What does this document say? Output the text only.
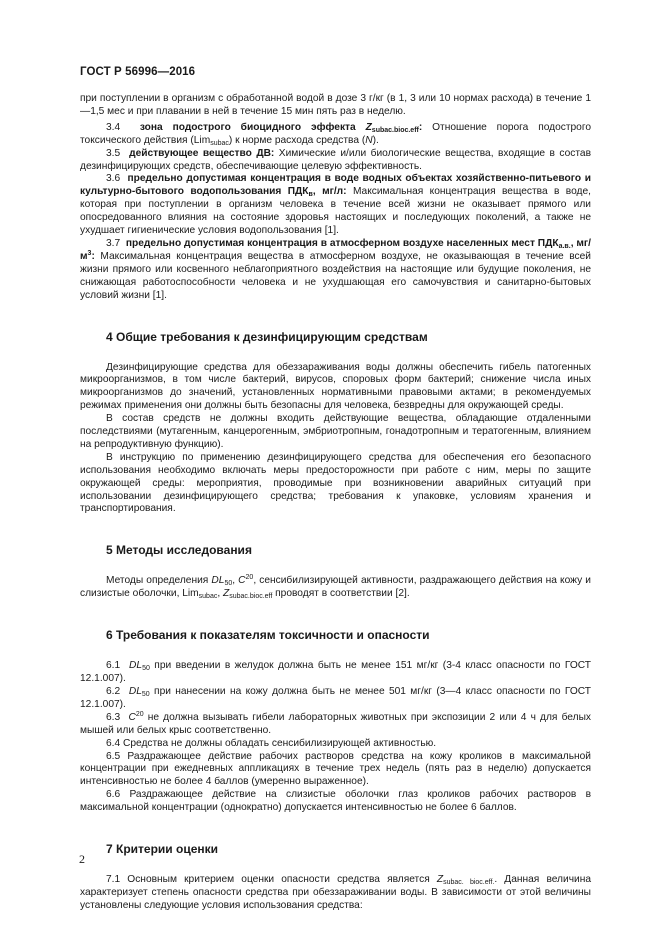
ГОСТ Р 56996—2016

при поступлении в организм с обработанной водой в дозе 3 г/кг (в 1, 3 или 10 нормах расхода) в течение 1—1,5 мес и при плавании в ней в течение 15 мин пять раз в неделю.

3.4 зона подострого биоцидного эффекта $Z_{subac.bioc.eff}$: Отношение порога подострого токсического действия (Lim$_{subac}$) к норме расхода средства (N).

3.5 действующее вещество ДВ: Химические и/или биологические вещества, входящие в состав дезинфицирующих средств, обеспечивающие целевую эффективность.

3.6 предельно допустимая концентрация в воде водных объектах хозяйственно-питьевого и культурно-бытового водопользования $ПДК_в$, мг/л: Максимальная концентрация вещества в воде, которая при поступлении в организм человека в течение всей жизни не оказывает прямого или опосредованного влияния на состояние здоровья настоящих и последующих поколений, а также не ухудшает гигиенические условия водопользования [1].

3.7 предельно допустимая концентрация в атмосферном воздухе населенных мест $ПДК_{а.в.}$, $мг/м^3$: Максимальная концентрация вещества в атмосферном воздухе, не оказывающая в течение всей жизни прямого или косвенного неблагоприятного воздействия на настоящие или будущие поколения, не снижающая работоспособности человека и не ухудшающая его самочувствия и санитарно-бытовых условий жизни [1].

4 Общие требования к дезинфицирующим средствам

Дезинфицирующие средства для обеззараживания воды должны обеспечить гибель патогенных микроорганизмов, в том числе бактерий, вирусов, споровых форм бактерий; снижение числа иных микроорганизмов до значений, установленных нормативными правовыми актами; в рекомендуемых режимах применения они должны быть безопасны для человека, безвредны для окружающей среды.

В состав средств не должны входить действующие вещества, обладающие отдаленными последствиями (мутагенным, канцерогенным, эмбриотропным, гонадотропным и тератогенным, влиянием на репродуктивную функцию).

В инструкцию по применению дезинфицирующего средства для обеспечения его безопасного использования необходимо включать меры предосторожности при работе с ним, меры по защите окружающей среды: мероприятия, проводимые при возникновении аварийных ситуаций при использовании дезинфицирующего средства; требования к упаковке, условиям хранения и транспортирования.

5 Методы исследования

Методы определения $DL_{50}$, $C^{20}$, сенсибилизирующей активности, раздражающего действия на кожу и слизистые оболочки, Lim$_{subac}$, $Z_{subac.bioc.eff}$ проводят в соответствии [2].

6 Требования к показателям токсичности и опасности

6.1 $DL_{50}$ при введении в желудок должна быть не менее 151 мг/кг (3-4 класс опасности по ГОСТ 12.1.007).

6.2 $DL_{50}$ при нанесении на кожу должна быть не менее 501 мг/кг (3—4 класс опасности по ГОСТ 12.1.007).

6.3 $C^{20}$ не должна вызывать гибели лабораторных животных при экспозиции 2 или 4 ч для белых мышей или белых крыс соответственно.

6.4 Средства не должны обладать сенсибилизирующей активностью.

6.5 Раздражающее действие рабочих растворов средства на кожу кроликов в максимальной концентрации при ежедневных аппликациях в течение трех недель (пять раз в неделю) допускается интенсивностью не более 4 баллов (умеренно выраженное).

6.6 Раздражающее действие на слизистые оболочки глаз кроликов рабочих растворов в максимальной концентрации (однократно) допускается интенсивностью не более 6 баллов.

7 Критерии оценки

7.1 Основным критерием оценки опасности средства является $Z_{subac. bioc.eff.}$. Данная величина характеризует степень опасности средства при обеззараживании воды. В зависимости от этой величины установлены следующие условия использования средства:

2
